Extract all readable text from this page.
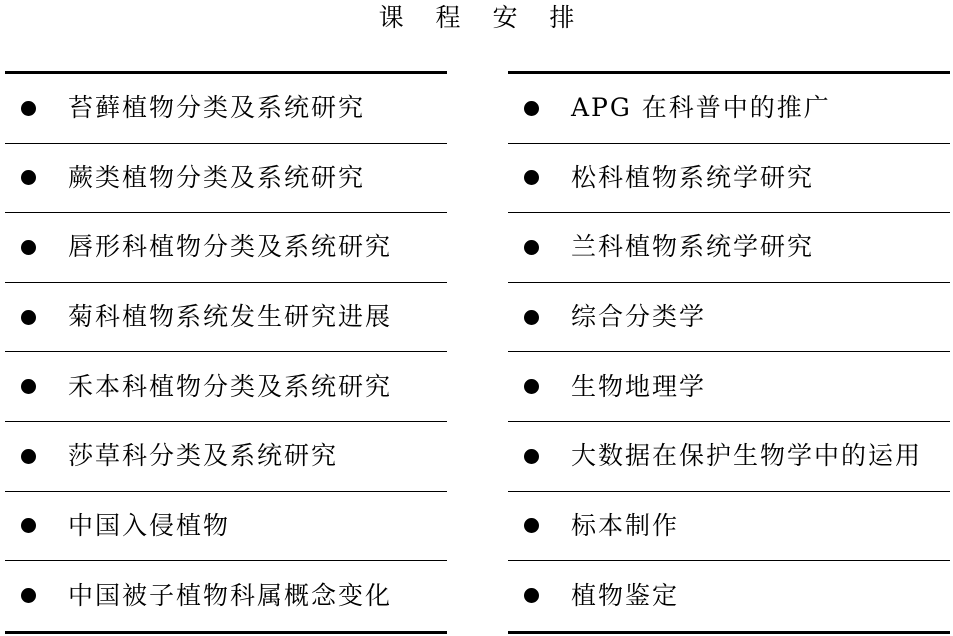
课 程 安 排
苔藓植物分类及系统研究
蕨类植物分类及系统研究
唇形科植物分类及系统研究
菊科植物系统发生研究进展
禾本科植物分类及系统研究
莎草科分类及系统研究
中国入侵植物
中国被子植物科属概念变化
APG 在科普中的推广
松科植物系统学研究
兰科植物系统学研究
综合分类学
生物地理学
大数据在保护生物学中的运用
标本制作
植物鉴定
